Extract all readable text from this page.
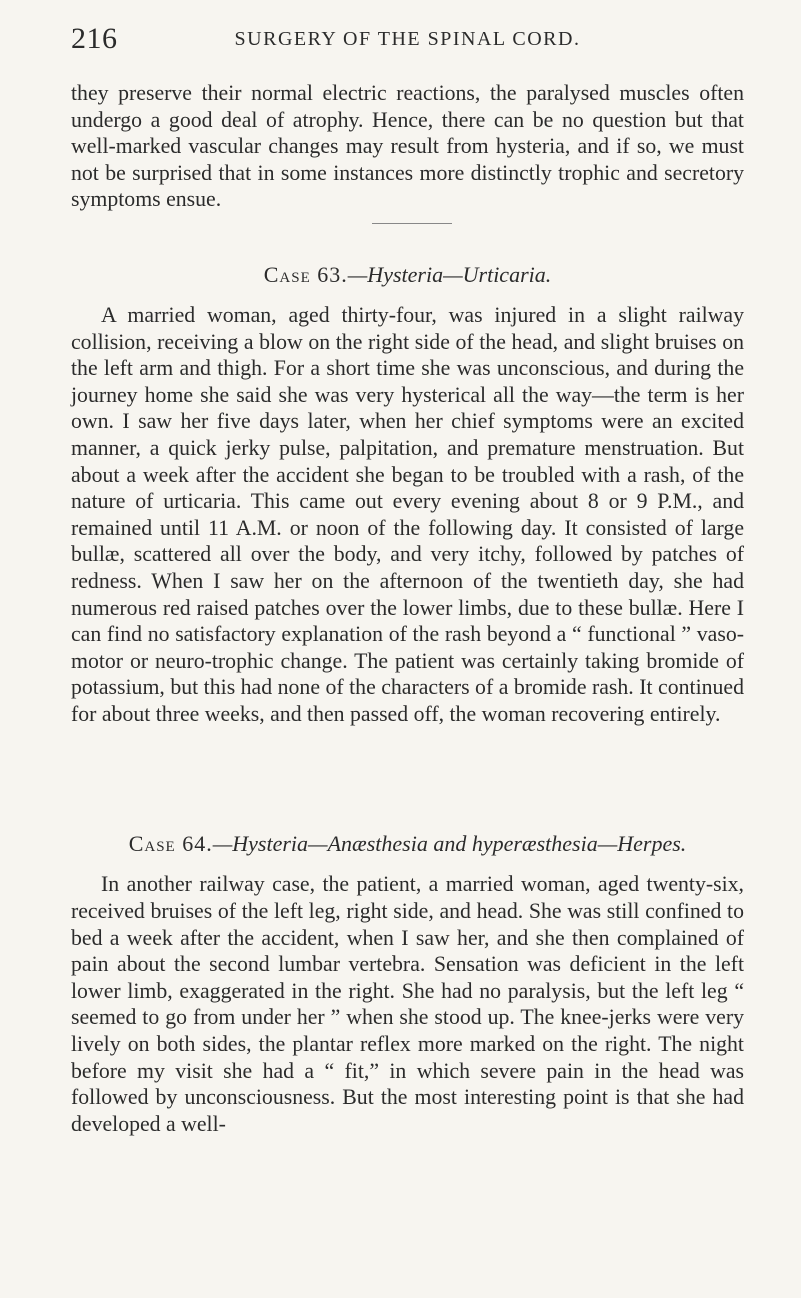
216	SURGERY OF THE SPINAL CORD.

they preserve their normal electric reactions, the paralysed muscles often undergo a good deal of atrophy. Hence, there can be no question but that well-marked vascular changes may result from hysteria, and if so, we must not be surprised that in some instances more distinctly trophic and secretory symptoms ensue.

Case 63.—Hysteria—Urticaria.

A married woman, aged thirty-four, was injured in a slight railway collision, receiving a blow on the right side of the head, and slight bruises on the left arm and thigh. For a short time she was unconscious, and during the journey home she said she was very hysterical all the way—the term is her own. I saw her five days later, when her chief symptoms were an excited manner, a quick jerky pulse, palpitation, and premature menstruation. But about a week after the accident she began to be troubled with a rash, of the nature of urticaria. This came out every evening about 8 or 9 P.M., and remained until 11 A.M. or noon of the following day. It consisted of large bullæ, scattered all over the body, and very itchy, followed by patches of redness. When I saw her on the afternoon of the twentieth day, she had numerous red raised patches over the lower limbs, due to these bullæ. Here I can find no satisfactory explanation of the rash beyond a “ functional ” vaso-motor or neuro-trophic change. The patient was certainly taking bromide of potassium, but this had none of the characters of a bromide rash. It continued for about three weeks, and then passed off, the woman recovering entirely.

Case 64.—Hysteria—Anæsthesia and hyperæsthesia—Herpes.

In another railway case, the patient, a married woman, aged twenty-six, received bruises of the left leg, right side, and head. She was still confined to bed a week after the accident, when I saw her, and she then complained of pain about the second lumbar vertebra. Sensation was deficient in the left lower limb, exaggerated in the right. She had no paralysis, but the left leg “ seemed to go from under her ” when she stood up. The knee-jerks were very lively on both sides, the plantar reflex more marked on the right. The night before my visit she had a “ fit,” in which severe pain in the head was followed by unconsciousness. But the most interesting point is that she had developed a well-
